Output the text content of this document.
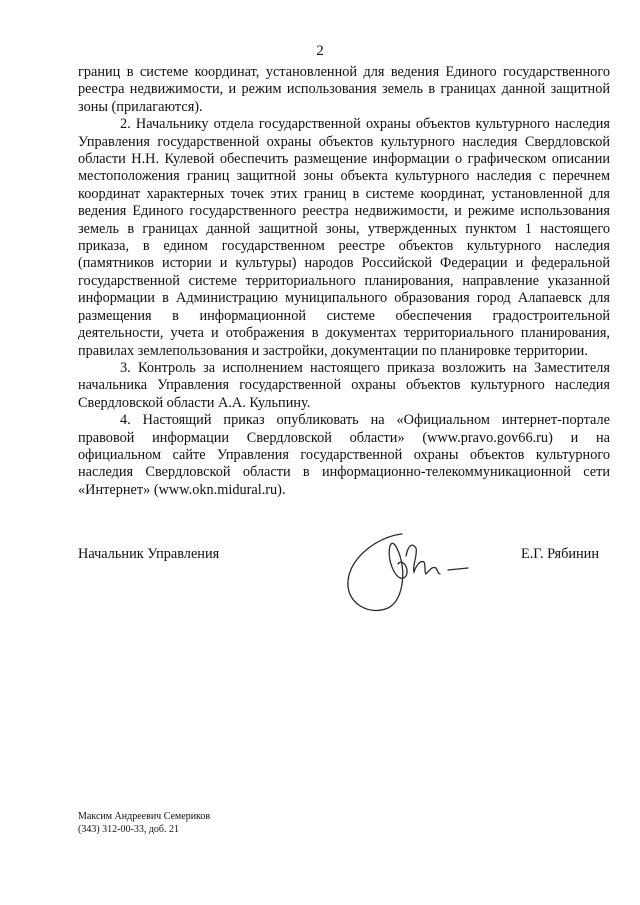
2

границ в системе координат, установленной для ведения Единого государственного реестра недвижимости, и режим использования земель в границах данной защитной зоны (прилагаются).

2. Начальнику отдела государственной охраны объектов культурного наследия Управления государственной охраны объектов культурного наследия Свердловской области Н.Н. Кулевой обеспечить размещение информации о графическом описании местоположения границ защитной зоны объекта культурного наследия с перечнем координат характерных точек этих границ в системе координат, установленной для ведения Единого государственного реестра недвижимости, и режиме использования земель в границах данной защитной зоны, утвержденных пунктом 1 настоящего приказа, в едином государственном реестре объектов культурного наследия (памятников истории и культуры) народов Российской Федерации и федеральной государственной системе территориального планирования, направление указанной информации в Администрацию муниципального образования город Алапаевск для размещения в информационной системе обеспечения градостроительной деятельности, учета и отображения в документах территориального планирования, правилах землепользования и застройки, документации по планировке территории.

3. Контроль за исполнением настоящего приказа возложить на Заместителя начальника Управления государственной охраны объектов культурного наследия Свердловской области А.А. Кульпину.

4. Настоящий приказ опубликовать на «Официальном интернет-портале правовой информации Свердловской области» (www.pravo.gov66.ru) и на официальном сайте Управления государственной охраны объектов культурного наследия Свердловской области в информационно-телекоммуникационной сети «Интернет» (www.okn.midural.ru).

Начальник Управления	Е.Г. Рябинин
Максим Андреевич Семериков
(343) 312-00-33, доб. 21
